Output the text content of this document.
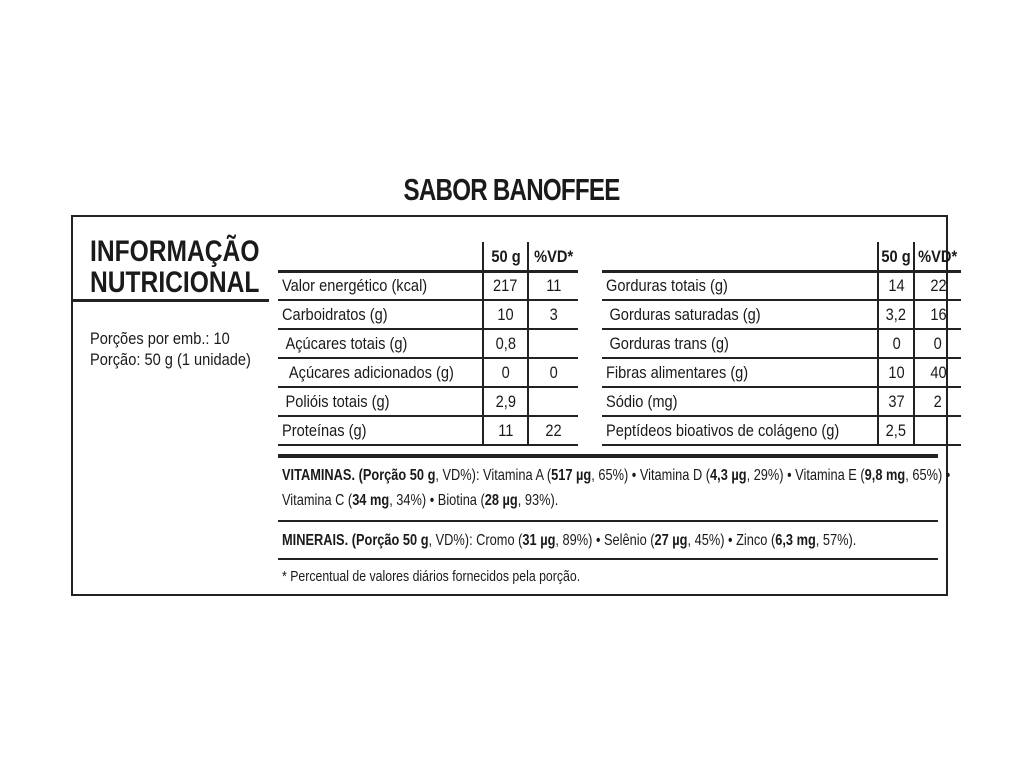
SABOR BANOFFEE
INFORMAÇÃO
NUTRICIONAL
Porções por emb.: 10
Porção: 50 g (1 unidade)
	50 g	%VD*
Valor energético (kcal)	217	11
Carboidratos (g)	10	3
Açúcares totais (g)	0,8	
Açúcares adicionados (g)	0	0
Polióis totais (g)	2,9	
Proteínas (g)	11	22
	50 g	%VD*
Gorduras totais (g)	14	22
Gorduras saturadas (g)	3,2	16
Gorduras trans (g)	0	0
Fibras alimentares (g)	10	40
Sódio (mg)	37	2
Peptídeos bioativos de colágeno (g)	2,5	
VITAMINAS. (Porção 50 g, VD%): Vitamina A (517 µg, 65%) • Vitamina D (4,3 µg, 29%) • Vitamina E (9,8 mg, 65%) •
Vitamina C (34 mg, 34%) • Biotina (28 µg, 93%).
MINERAIS. (Porção 50 g, VD%): Cromo (31 µg, 89%) • Selênio (27 µg, 45%) • Zinco (6,3 mg, 57%).
* Percentual de valores diários fornecidos pela porção.
